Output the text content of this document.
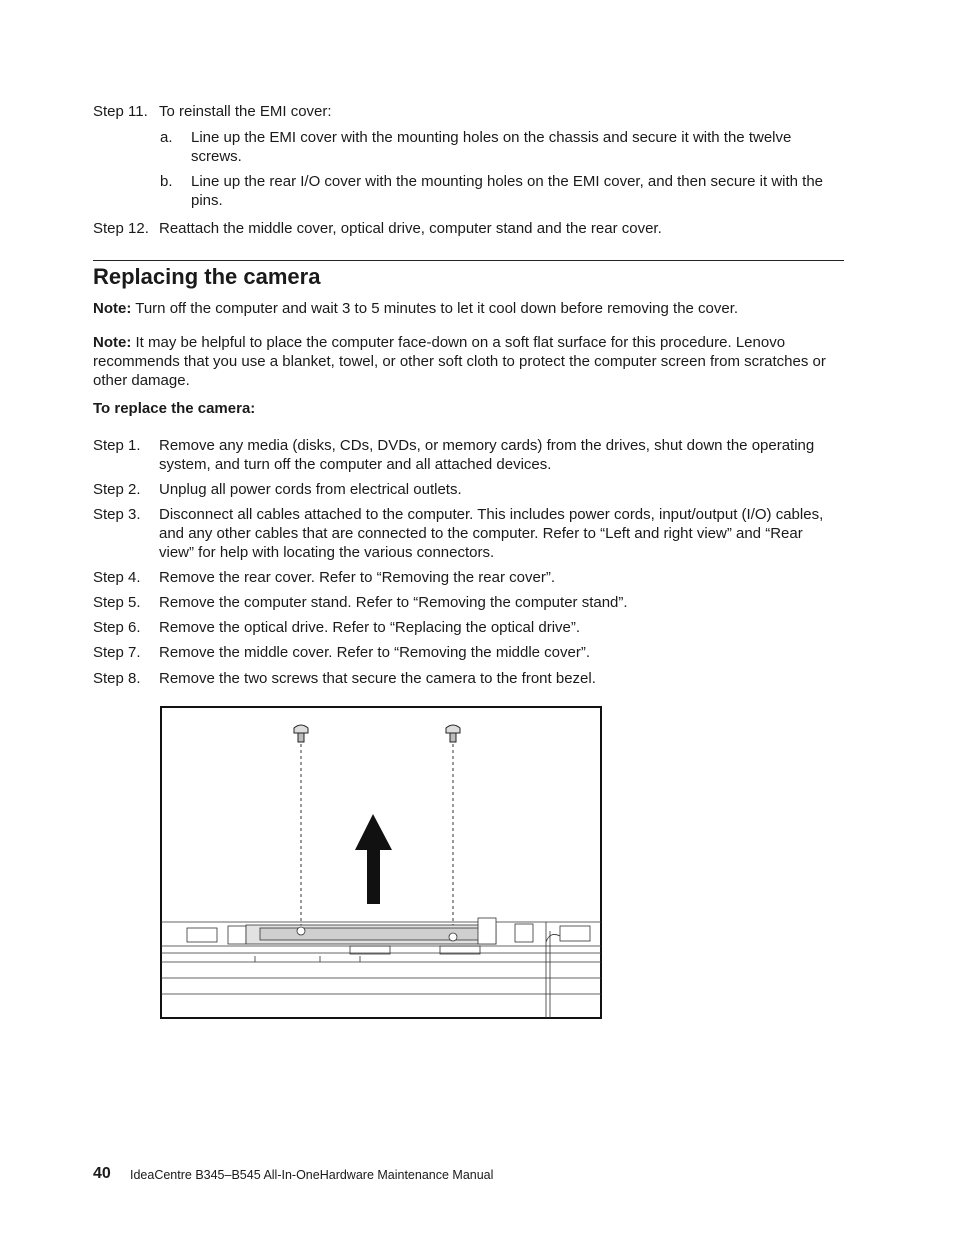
Step 11. To reinstall the EMI cover:
a. Line up the EMI cover with the mounting holes on the chassis and secure it with the twelve screws.
b. Line up the rear I/O cover with the mounting holes on the EMI cover, and then secure it with the pins.
Step 12. Reattach the middle cover, optical drive, computer stand and the rear cover.
Replacing the camera
Note: Turn off the computer and wait 3 to 5 minutes to let it cool down before removing the cover.
Note: It may be helpful to place the computer face-down on a soft flat surface for this procedure. Lenovo recommends that you use a blanket, towel, or other soft cloth to protect the computer screen from scratches or other damage.
To replace the camera:
Step 1. Remove any media (disks, CDs, DVDs, or memory cards) from the drives, shut down the operating system, and turn off the computer and all attached devices.
Step 2. Unplug all power cords from electrical outlets.
Step 3. Disconnect all cables attached to the computer. This includes power cords, input/output (I/O) cables, and any other cables that are connected to the computer. Refer to “Left and right view” and “Rear view” for help with locating the various connectors.
Step 4. Remove the rear cover. Refer to “Removing the rear cover”.
Step 5. Remove the computer stand. Refer to “Removing the computer stand”.
Step 6. Remove the optical drive. Refer to “Replacing the optical drive”.
Step 7. Remove the middle cover. Refer to “Removing the middle cover”.
Step 8. Remove the two screws that secure the camera to the front bezel.
40 IdeaCentre B345–B545 All-In-OneHardware Maintenance Manual
